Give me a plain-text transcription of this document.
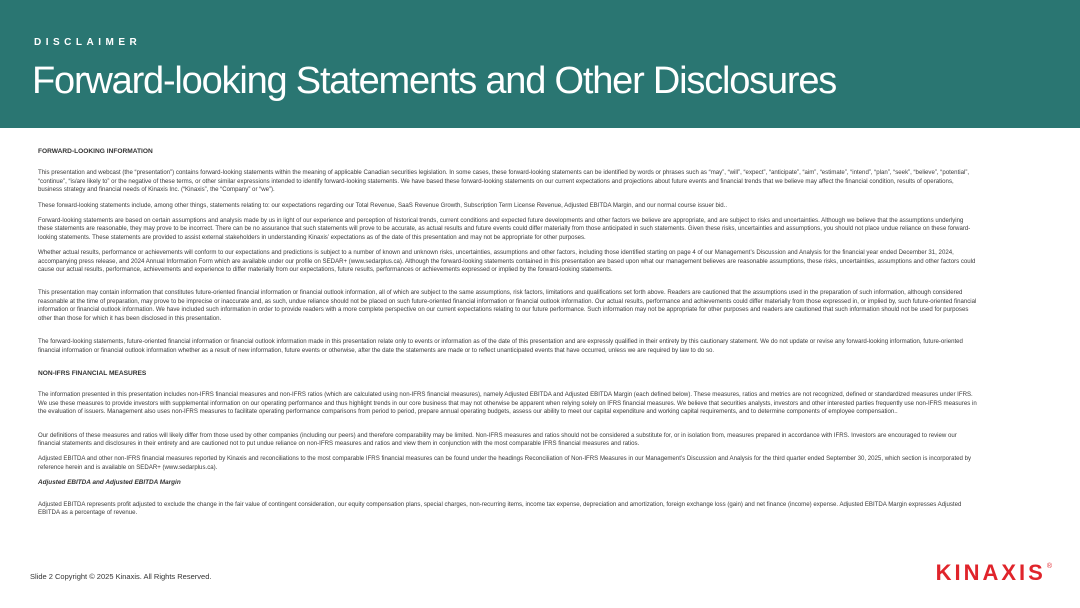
DISCLAIMER
Forward-looking Statements and Other Disclosures
FORWARD-LOOKING INFORMATION

This presentation and webcast (the “presentation”) contains forward-looking statements within the meaning of applicable Canadian securities legislation. In some cases, these forward-looking statements can be identified by words or phrases such as “may”, “will”, “expect”, “anticipate”, “aim”, “estimate”, “intend”, “plan”, “seek”, “believe”, “potential”, “continue”, “is/are likely to” or the negative of these terms, or other similar expressions intended to identify forward-looking statements. We have based these forward-looking statements on our current expectations and projections about future events and financial trends that we believe may affect the financial condition, results of operations, business strategy and financial needs of Kinaxis Inc. (“Kinaxis”, the “Company” or “we”).

These forward-looking statements include, among other things, statements relating to: our expectations regarding our Total Revenue, SaaS Revenue Growth, Subscription Term License Revenue, Adjusted EBITDA Margin, and our normal course issuer bid..

Forward-looking statements are based on certain assumptions and analysis made by us in light of our experience and perception of historical trends, current conditions and expected future developments and other factors we believe are appropriate, and are subject to risks and uncertainties. Although we believe that the assumptions underlying these statements are reasonable, they may prove to be incorrect. There can be no assurance that such statements will prove to be accurate, as actual results and future events could differ materially from those anticipated in such statements. Given these risks, uncertainties and assumptions, you should not place undue reliance on these forward-looking statements. These statements are provided to assist external stakeholders in understanding Kinaxis’ expectations as of the date of this presentation and may not be appropriate for other purposes.

Whether actual results, performance or achievements will conform to our expectations and predictions is subject to a number of known and unknown risks, uncertainties, assumptions and other factors, including those identified starting on page 4 of our Management’s Discussion and Analysis for the financial year ended December 31, 2024, accompanying press release, and 2024 Annual Information Form which are available under our profile on SEDAR+ (www.sedarplus.ca). Although the forward-looking statements contained in this presentation are based upon what our management believes are reasonable assumptions, these risks, uncertainties, assumptions and other factors could cause our actual results, performance, achievements and experience to differ materially from our expectations, future results, performances or achievements expressed or implied by the forward-looking statements.

This presentation may contain information that constitutes future-oriented financial information or financial outlook information, all of which are subject to the same assumptions, risk factors, limitations and qualifications set forth above. Readers are cautioned that the assumptions used in the preparation of such information, although considered reasonable at the time of preparation, may prove to be imprecise or inaccurate and, as such, undue reliance should not be placed on such future-oriented financial information or financial outlook information. Our actual results, performance and achievements could differ materially from those expressed in, or implied by, such future-oriented financial information or financial outlook information. We have included such information in order to provide readers with a more complete perspective on our current expectations relating to our future performance. Such information may not be appropriate for other purposes and readers are cautioned that such information should not be used for purposes other than those for which it has been disclosed in this presentation.

The forward-looking statements, future-oriented financial information or financial outlook information made in this presentation relate only to events or information as of the date of this presentation and are expressly qualified in their entirety by this cautionary statement. We do not update or revise any forward-looking information, future-oriented financial information or financial outlook information whether as a result of new information, future events or otherwise, after the date the statements are made or to reflect unanticipated events that have occurred, unless we are required by law to do so.

NON-IFRS FINANCIAL MEASURES

The information presented in this presentation includes non-IFRS financial measures and non-IFRS ratios (which are calculated using non-IFRS financial measures), namely Adjusted EBITDA and Adjusted EBITDA Margin (each defined below). These measures, ratios and metrics are not recognized, defined or standardized measures under IFRS. We use these measures to provide investors with supplemental information on our operating performance and thus highlight trends in our core business that may not otherwise be apparent when relying solely on IFRS financial measures. We believe that securities analysts, investors and other interested parties frequently use non-IFRS measures in the evaluation of issuers. Management also uses non-IFRS measures to facilitate operating performance comparisons from period to period, prepare annual operating budgets, assess our ability to meet our capital expenditure and working capital requirements, and to determine components of employee compensation..

Our definitions of these measures and ratios will likely differ from those used by other companies (including our peers) and therefore comparability may be limited. Non-IFRS measures and ratios should not be considered a substitute for, or in isolation from, measures prepared in accordance with IFRS. Investors are encouraged to review our financial statements and disclosures in their entirety and are cautioned not to put undue reliance on non-IFRS measures and ratios and view them in conjunction with the most comparable IFRS financial measures and ratios.

Adjusted EBITDA and other non-IFRS financial measures reported by Kinaxis and reconciliations to the most comparable IFRS financial measures can be found under the headings Reconciliation of Non-IFRS Measures in our Management’s Discussion and Analysis for the third quarter ended September 30, 2025, which section is incorporated by reference herein and is available on SEDAR+ (www.sedarplus.ca).

Adjusted EBITDA and Adjusted EBITDA Margin

Adjusted EBITDA represents profit adjusted to exclude the change in the fair value of contingent consideration, our equity compensation plans, special charges, non-recurring items, income tax expense, depreciation and amortization, foreign exchange loss (gain) and net finance (income) expense. Adjusted EBITDA Margin expresses Adjusted EBITDA as a percentage of revenue.

Slide 2 Copyright © 2025 Kinaxis. All Rights Reserved.	KINAXIS ®
